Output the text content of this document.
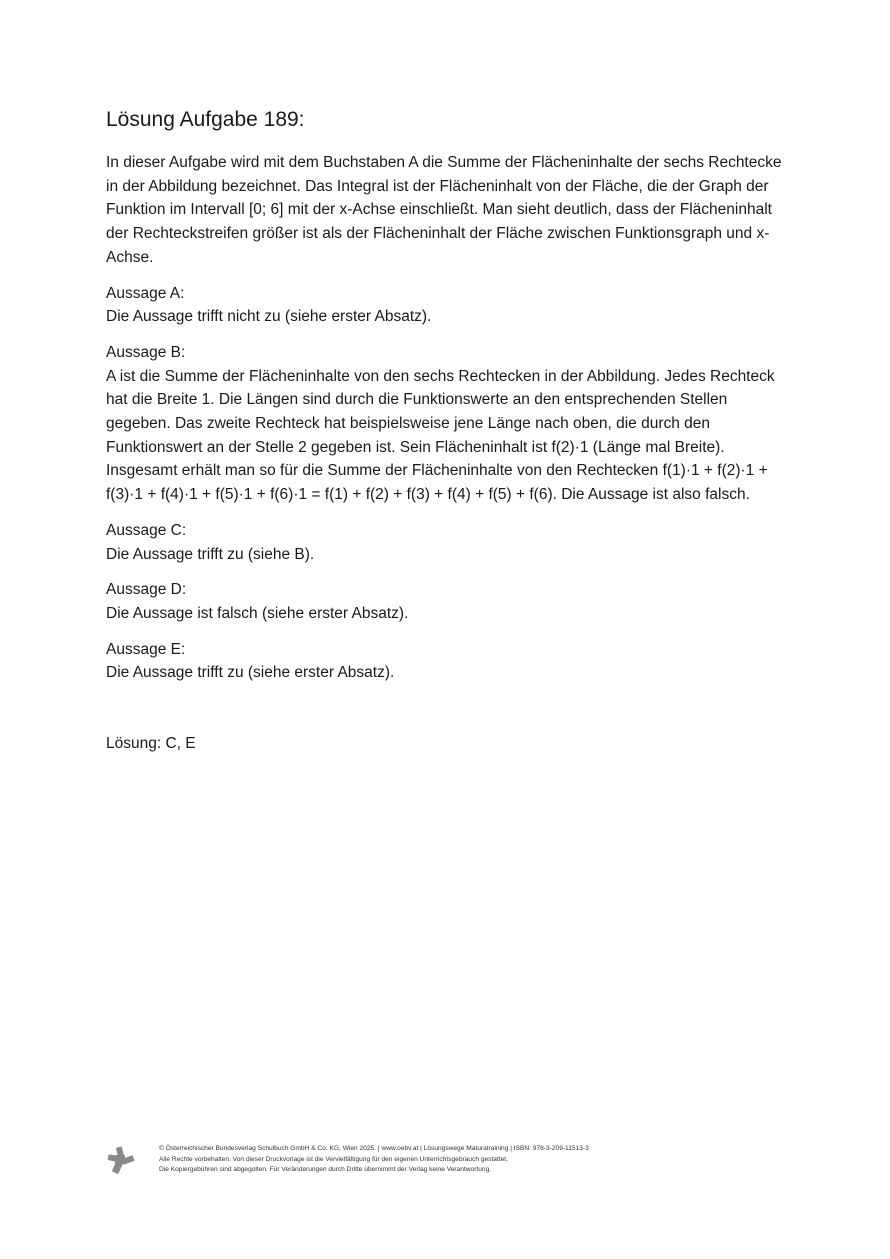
Lösung Aufgabe 189:

In dieser Aufgabe wird mit dem Buchstaben A die Summe der Flächeninhalte der sechs Rechtecke in der Abbildung bezeichnet. Das Integral ist der Flächeninhalt von der Fläche, die der Graph der Funktion im Intervall [0; 6] mit der x-Achse einschließt. Man sieht deutlich, dass der Flächeninhalt der Rechteckstreifen größer ist als der Flächeninhalt der Fläche zwischen Funktionsgraph und x-Achse.

Aussage A:
Die Aussage trifft nicht zu (siehe erster Absatz).
Aussage B:
A ist die Summe der Flächeninhalte von den sechs Rechtecken in der Abbildung. Jedes Rechteck hat die Breite 1. Die Längen sind durch die Funktionswerte an den entsprechenden Stellen gegeben. Das zweite Rechteck hat beispielsweise jene Länge nach oben, die durch den Funktionswert an der Stelle 2 gegeben ist. Sein Flächeninhalt ist f(2)·1 (Länge mal Breite). Insgesamt erhält man so für die Summe der Flächeninhalte von den Rechtecken f(1)·1 + f(2)·1 + f(3)·1 + f(4)·1 + f(5)·1 + f(6)·1 = f(1) + f(2) + f(3) + f(4) + f(5) + f(6). Die Aussage ist also falsch.
Aussage C:
Die Aussage trifft zu (siehe B).
Aussage D:
Die Aussage ist falsch (siehe erster Absatz).
Aussage E:
Die Aussage trifft zu (siehe erster Absatz).
Lösung: C, E
© Österreichischer Bundesverlag Schulbuch GmbH & Co. KG, Wien 2025. | www.oebv.at | Lösungswege Maturatraining | ISBN: 978-3-209-11513-3
Alle Rechte vorbehalten. Von dieser Druckvorlage ist die Vervielfältigung für den eigenen Unterrichtsgebrauch gestattet.
Die Kopiergebühren sind abgegolten. Für Veränderungen durch Dritte übernimmt der Verlag keine Verantwortung.
